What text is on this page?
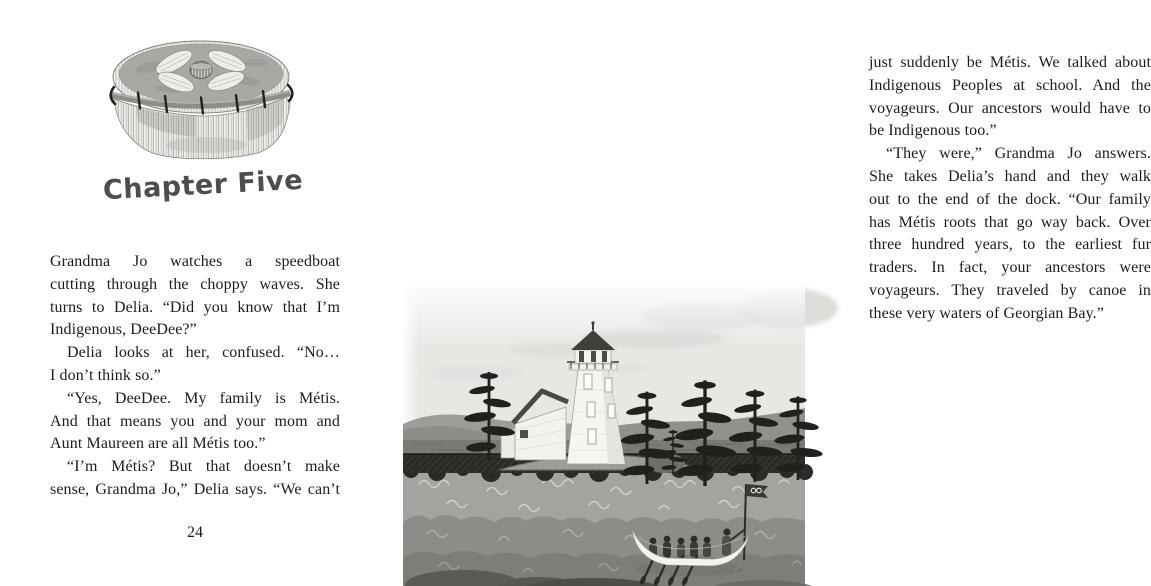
Chapter Five
Grandma Jo watches a speedboat
cutting through the choppy waves. She
turns to Delia. “Did you know that I’m
Indigenous, DeeDee?”
Delia looks at her, confused. “No…
I don’t think so.”
“Yes, DeeDee. My family is Métis.
And that means you and your mom and
Aunt Maureen are all Métis too.”
“I’m Métis? But that doesn’t make
sense, Grandma Jo,” Delia says. “We can’t
24
just suddenly be Métis. We talked about
Indigenous Peoples at school. And the
voyageurs. Our ancestors would have to
be Indigenous too.”
“They were,” Grandma Jo answers.
She takes Delia’s hand and they walk
out to the end of the dock. “Our family
has Métis roots that go way back. Over
three hundred years, to the earliest fur
traders. In fact, your ancestors were
voyageurs. They traveled by canoe in
these very waters of Georgian Bay.”
